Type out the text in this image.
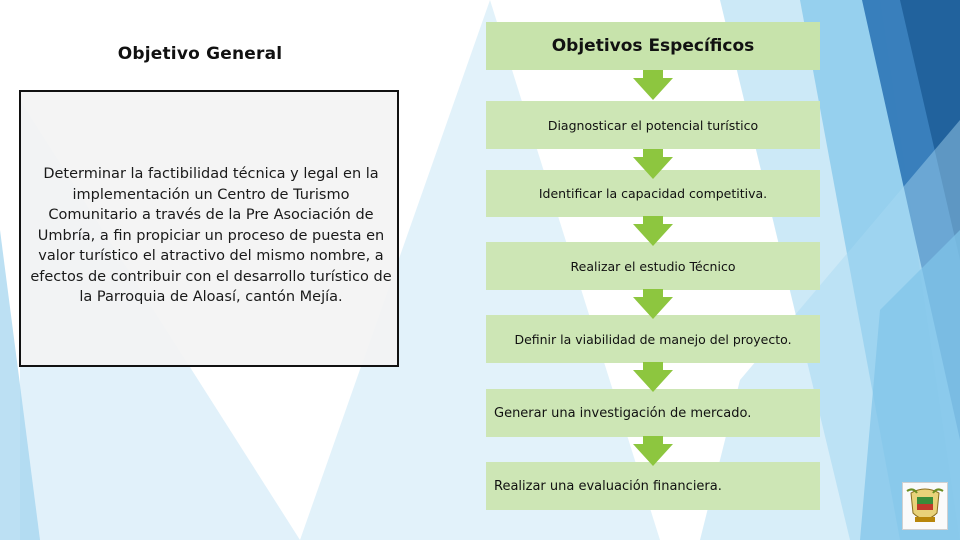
Objetivo General
Determinar la factibilidad técnica y legal en la implementación un Centro de Turismo Comunitario a través de la Pre Asociación de Umbría, a fin propiciar un proceso de puesta en valor turístico el atractivo del mismo nombre, a efectos de contribuir con el desarrollo turístico de la Parroquia de Aloasí, cantón Mejía.
Objetivos Específicos
Diagnosticar el potencial turístico
Identificar la capacidad competitiva.
Realizar el estudio Técnico
Definir la viabilidad de manejo del proyecto.
Generar una investigación de mercado.
Realizar una evaluación financiera.
